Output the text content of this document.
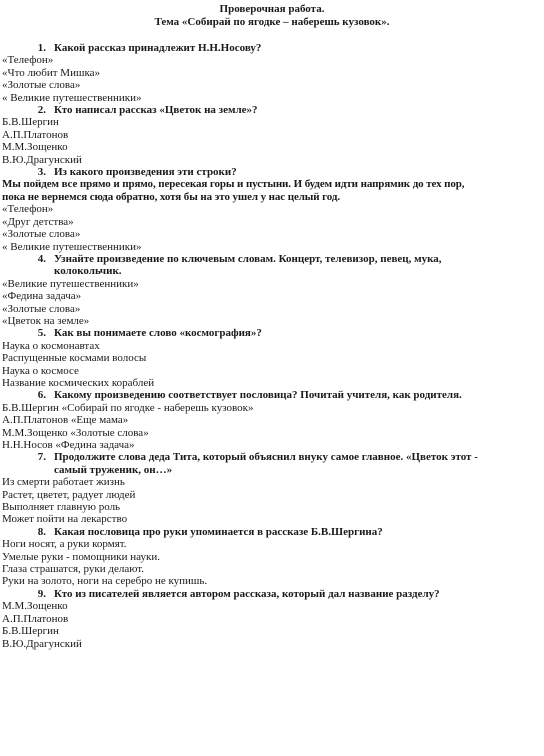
Проверочная работа.
Тема «Собирай по ягодке – наберешь кузовок».
1. Какой рассказ принадлежит Н.Н.Носову?
«Телефон»
«Что любит Мишка»
«Золотые слова»
« Великие путешественники»
2. Кто написал рассказ «Цветок на земле»?
Б.В.Шергин
А.П.Платонов
М.М.Зощенко
В.Ю.Драгунский
3. Из какого произведения эти строки?
Мы пойдем все прямо и прямо, пересекая горы и пустыни. И будем идти напрямик до тех пор,
пока не вернемся сюда обратно, хотя бы на это ушел у нас целый год.
«Телефон»
«Друг детства»
«Золотые слова»
« Великие путешественники»
4. Узнайте произведение по ключевым словам. Концерт, телевизор, певец, мука,
колокольчик.
«Великие путешественники»
«Федина задача»
«Золотые слова»
«Цветок на земле»
5. Как вы понимаете слово «космография»?
Наука о космонавтах
Распущенные космами волосы
Наука о космосе
Название космических кораблей
6. Какому произведению соответствует пословица? Почитай учителя, как родителя.
Б.В.Шергин «Собирай по ягодке - наберешь кузовок»
А.П.Платонов «Еще мама»
М.М.Зощенко «Золотые слова»
Н.Н.Носов «Федина задача»
7. Продолжите слова деда Тита, который объяснил внуку самое главное. «Цветок этот -
самый труженик, он…»
Из смерти работает жизнь
Растет, цветет, радует людей
Выполняет главную роль
Может пойти на лекарство
8. Какая пословица про руки упоминается в рассказе Б.В.Шергина?
Ноги носят, а руки кормят.
Умелые руки - помощники науки.
Глаза страшатся, руки делают.
Руки на золото, ноги на серебро не купишь.
9. Кто из писателей является автором рассказа, который дал название разделу?
М.М.Зощенко
А.П.Платонов
Б.В.Шергин
В.Ю.Драгунский
